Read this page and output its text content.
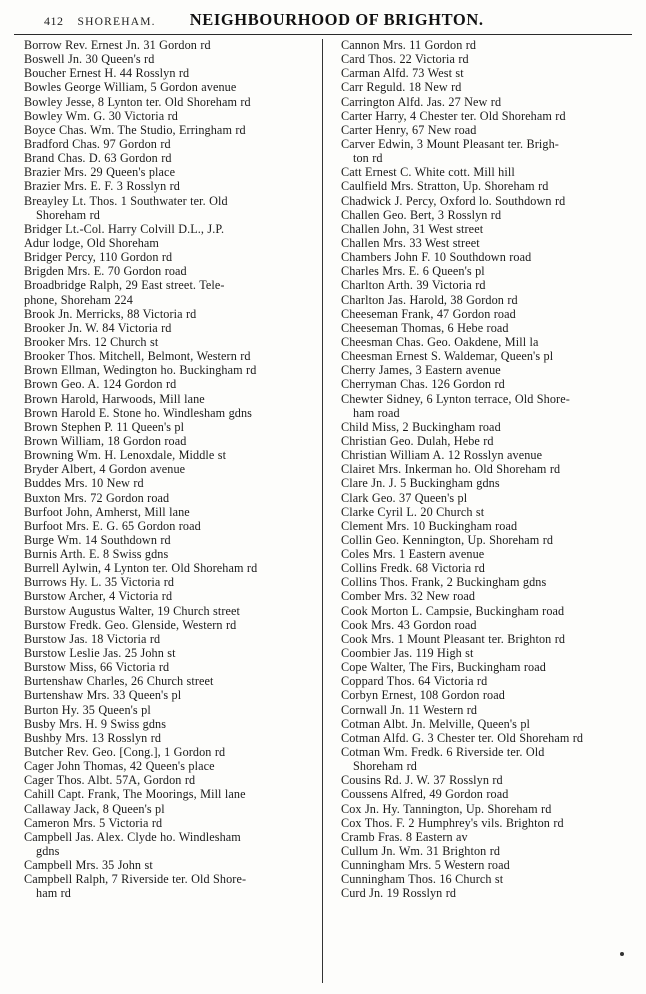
412 SHOREHAM. NEIGHBOURHOOD OF BRIGHTON.
Borrow Rev. Ernest Jn. 31 Gordon rd
Boswell Jn. 30 Queen's rd
Boucher Ernest H. 44 Rosslyn rd
Bowles George William, 5 Gordon avenue
Bowley Jesse, 8 Lynton ter. Old Shoreham rd
Bowley Wm. G. 30 Victoria rd
Boyce Chas. Wm. The Studio, Erringham rd
Bradford Chas. 97 Gordon rd
Brand Chas. D. 63 Gordon rd
Brazier Mrs. 29 Queen's place
Brazier Mrs. E. F. 3 Rosslyn rd
Breayley Lt. Thos. 1 Southwater ter. Old
Shoreham rd
Bridger Lt.-Col. Harry Colvill D.L., J.P.
Adur lodge, Old Shoreham
Bridger Percy, 110 Gordon rd
Brigden Mrs. E. 70 Gordon road
Broadbridge Ralph, 29 East street. Tele-
phone, Shoreham 224
Brook Jn. Merricks, 88 Victoria rd
Brooker Jn. W. 84 Victoria rd
Brooker Mrs. 12 Church st
Brooker Thos. Mitchell, Belmont, Western rd
Brown Ellman, Wedington ho. Buckingham rd
Brown Geo. A. 124 Gordon rd
Brown Harold, Harwoods, Mill lane
Brown Harold E. Stone ho. Windlesham gdns
Brown Stephen P. 11 Queen's pl
Brown William, 18 Gordon road
Browning Wm. H. Lenoxdale, Middle st
Bryder Albert, 4 Gordon avenue
Buddes Mrs. 10 New rd
Buxton Mrs. 72 Gordon road
Burfoot John, Amherst, Mill lane
Burfoot Mrs. E. G. 65 Gordon road
Burge Wm. 14 Southdown rd
Burnis Arth. E. 8 Swiss gdns
Burrell Aylwin, 4 Lynton ter. Old Shoreham rd
Burrows Hy. L. 35 Victoria rd
Burstow Archer, 4 Victoria rd
Burstow Augustus Walter, 19 Church street
Burstow Fredk. Geo. Glenside, Western rd
Burstow Jas. 18 Victoria rd
Burstow Leslie Jas. 25 John st
Burstow Miss, 66 Victoria rd
Burtenshaw Charles, 26 Church street
Burtenshaw Mrs. 33 Queen's pl
Burton Hy. 35 Queen's pl
Busby Mrs. H. 9 Swiss gdns
Bushby Mrs. 13 Rosslyn rd
Butcher Rev. Geo. [Cong.], 1 Gordon rd
Cager John Thomas, 42 Queen's place
Cager Thos. Albt. 57A, Gordon rd
Cahill Capt. Frank, The Moorings, Mill lane
Callaway Jack, 8 Queen's pl
Cameron Mrs. 5 Victoria rd
Campbell Jas. Alex. Clyde ho. Windlesham
gdns
Campbell Mrs. 35 John st
Campbell Ralph, 7 Riverside ter. Old Shore-
ham rd
Cannon Mrs. 11 Gordon rd
Card Thos. 22 Victoria rd
Carman Alfd. 73 West st
Carr Reguld. 18 New rd
Carrington Alfd. Jas. 27 New rd
Carter Harry, 4 Chester ter. Old Shoreham rd
Carter Henry, 67 New road
Carver Edwin, 3 Mount Pleasant ter. Brigh-
ton rd
Catt Ernest C. White cott. Mill hill
Caulfield Mrs. Stratton, Up. Shoreham rd
Chadwick J. Percy, Oxford lo. Southdown rd
Challen Geo. Bert, 3 Rosslyn rd
Challen John, 31 West street
Challen Mrs. 33 West street
Chambers John F. 10 Southdown road
Charles Mrs. E. 6 Queen's pl
Charlton Arth. 39 Victoria rd
Charlton Jas. Harold, 38 Gordon rd
Cheeseman Frank, 47 Gordon road
Cheeseman Thomas, 6 Hebe road
Cheesman Chas. Geo. Oakdene, Mill la
Cheesman Ernest S. Waldemar, Queen's pl
Cherry James, 3 Eastern avenue
Cherryman Chas. 126 Gordon rd
Chewter Sidney, 6 Lynton terrace, Old Shore-
ham road
Child Miss, 2 Buckingham road
Christian Geo. Dulah, Hebe rd
Christian William A. 12 Rosslyn avenue
Clairet Mrs. Inkerman ho. Old Shoreham rd
Clare Jn. J. 5 Buckingham gdns
Clark Geo. 37 Queen's pl
Clarke Cyril L. 20 Church st
Clement Mrs. 10 Buckingham road
Collin Geo. Kennington, Up. Shoreham rd
Coles Mrs. 1 Eastern avenue
Collins Fredk. 68 Victoria rd
Collins Thos. Frank, 2 Buckingham gdns
Comber Mrs. 32 New road
Cook Morton L. Campsie, Buckingham road
Cook Mrs. 43 Gordon road
Cook Mrs. 1 Mount Pleasant ter. Brighton rd
Coombier Jas. 119 High st
Cope Walter, The Firs, Buckingham road
Coppard Thos. 64 Victoria rd
Corbyn Ernest, 108 Gordon road
Cornwall Jn. 11 Western rd
Cotman Albt. Jn. Melville, Queen's pl
Cotman Alfd. G. 3 Chester ter. Old Shoreham rd
Cotman Wm. Fredk. 6 Riverside ter. Old
Shoreham rd
Cousins Rd. J. W. 37 Rosslyn rd
Coussens Alfred, 49 Gordon road
Cox Jn. Hy. Tannington, Up. Shoreham rd
Cox Thos. F. 2 Humphrey's vils. Brighton rd
Cramb Fras. 8 Eastern av
Cullum Jn. Wm. 31 Brighton rd
Cunningham Mrs. 5 Western road
Cunningham Thos. 16 Church st
Curd Jn. 19 Rosslyn rd
